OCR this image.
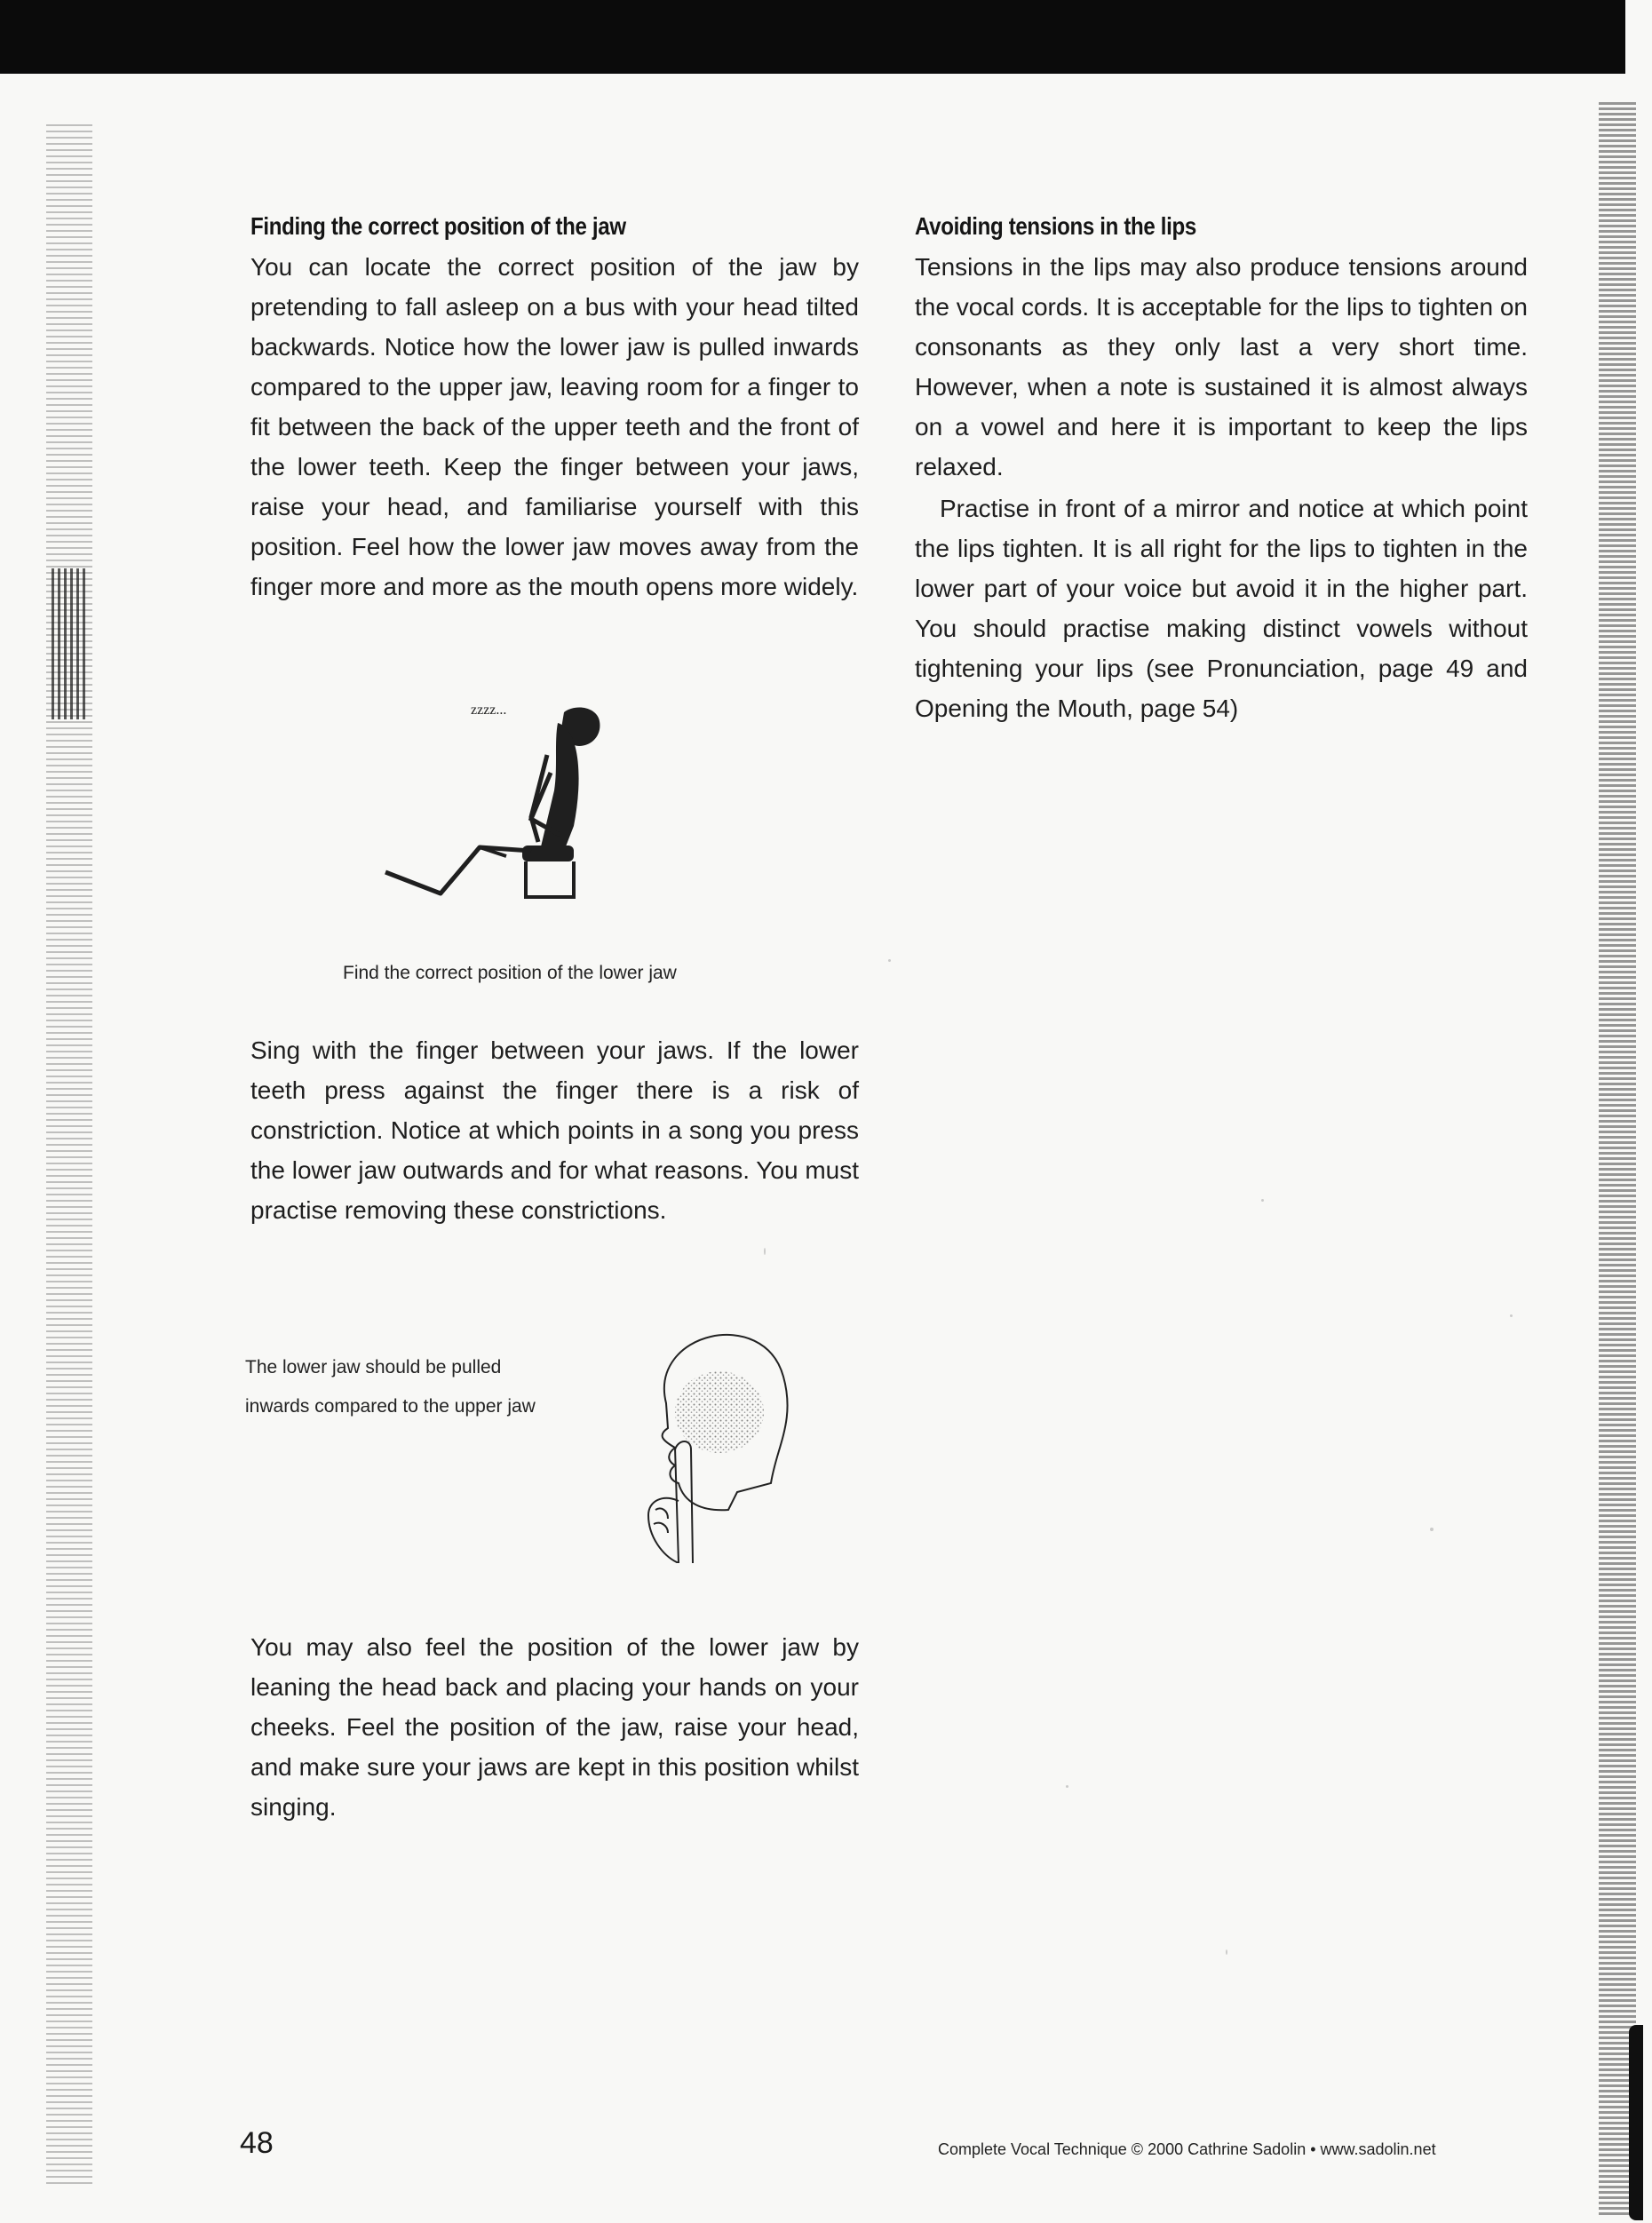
Finding the correct position of the jaw

You can locate the correct position of the jaw by pretending to fall asleep on a bus with your head tilted backwards. Notice how the lower jaw is pulled inwards compared to the upper jaw, leaving room for a finger to fit between the back of the upper teeth and the front of the lower teeth. Keep the finger between your jaws, raise your head, and familiarise yourself with this position. Feel how the lower jaw moves away from the finger more and more as the mouth opens more widely.

zzzz...
Find the correct position of the lower jaw

Sing with the finger between your jaws. If the lower teeth press against the finger there is a risk of constriction. Notice at which points in a song you press the lower jaw outwards and for what reasons. You must practise removing these constrictions.

The lower jaw should be pulled inwards compared to the upper jaw

You may also feel the position of the lower jaw by leaning the head back and placing your hands on your cheeks. Feel the position of the jaw, raise your head, and make sure your jaws are kept in this position whilst singing.

Avoiding tensions in the lips

Tensions in the lips may also produce tensions around the vocal cords. It is acceptable for the lips to tighten on consonants as they only last a very short time. However, when a note is sustained it is almost always on a vowel and here it is important to keep the lips relaxed.

Practise in front of a mirror and notice at which point the lips tighten. It is all right for the lips to tighten in the lower part of your voice but avoid it in the higher part. You should practise making distinct vowels without tightening your lips (see Pronunciation, page 49 and Opening the Mouth, page 54)

48	Complete Vocal Technique © 2000 Cathrine Sadolin • www.sadolin.net
